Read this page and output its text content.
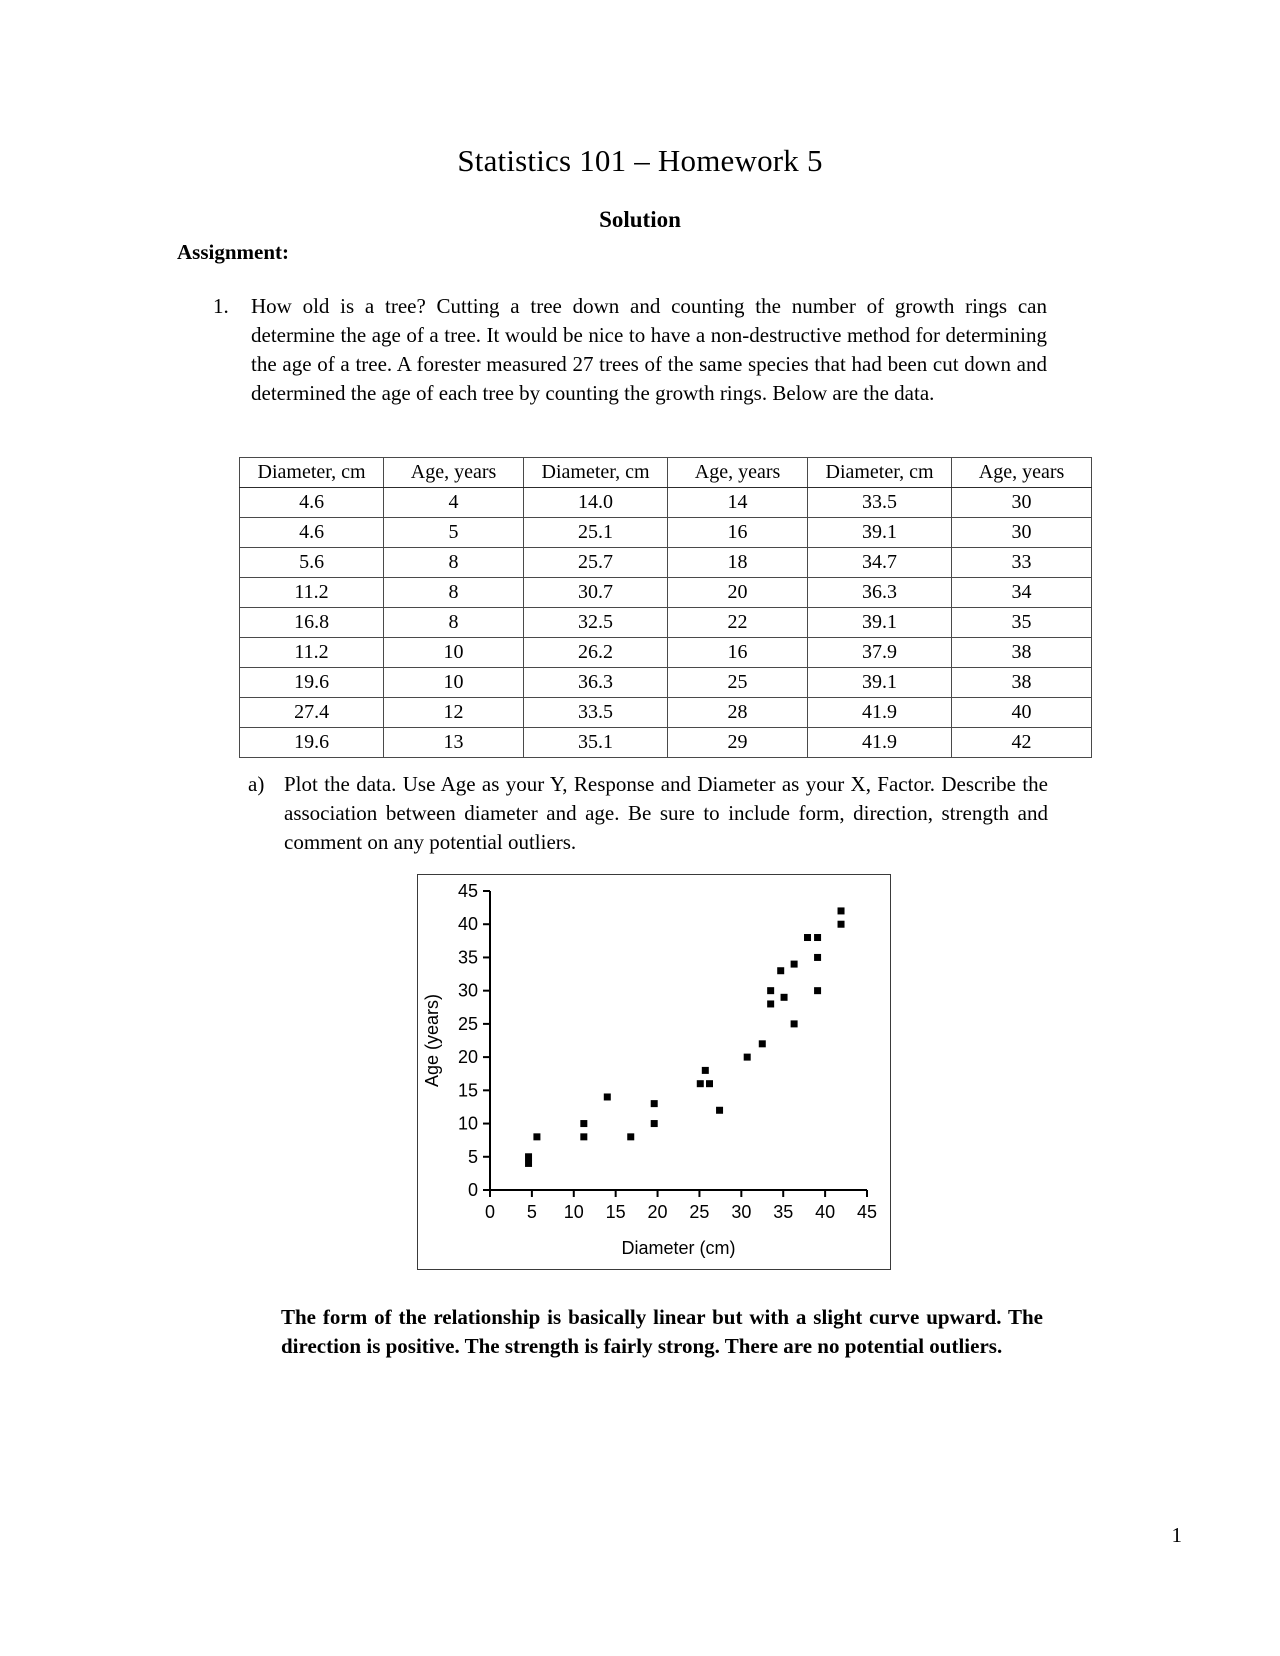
Statistics 101 – Homework 5
Solution
Assignment:
1.	How old is a tree? Cutting a tree down and counting the number of growth rings can determine the age of a tree. It would be nice to have a non-destructive method for determining the age of a tree. A forester measured 27 trees of the same species that had been cut down and determined the age of each tree by counting the growth rings. Below are the data.
Diameter, cm	Age, years	Diameter, cm	Age, years	Diameter, cm	Age, years
4.6	4	14.0	14	33.5	30
4.6	5	25.1	16	39.1	30
5.6	8	25.7	18	34.7	33
11.2	8	30.7	20	36.3	34
16.8	8	32.5	22	39.1	35
11.2	10	26.2	16	37.9	38
19.6	10	36.3	25	39.1	38
27.4	12	33.5	28	41.9	40
19.6	13	35.1	29	41.9	42
a) Plot the data. Use Age as your Y, Response and Diameter as your X, Factor. Describe the association between diameter and age. Be sure to include form, direction, strength and comment on any potential outliers.
0
5
10
15
20
25
30
35
40
45
0 5 10 15 20 25 30 35 40 45
Diameter (cm)
Age (years)
The form of the relationship is basically linear but with a slight curve upward. The direction is positive. The strength is fairly strong. There are no potential outliers.
1
